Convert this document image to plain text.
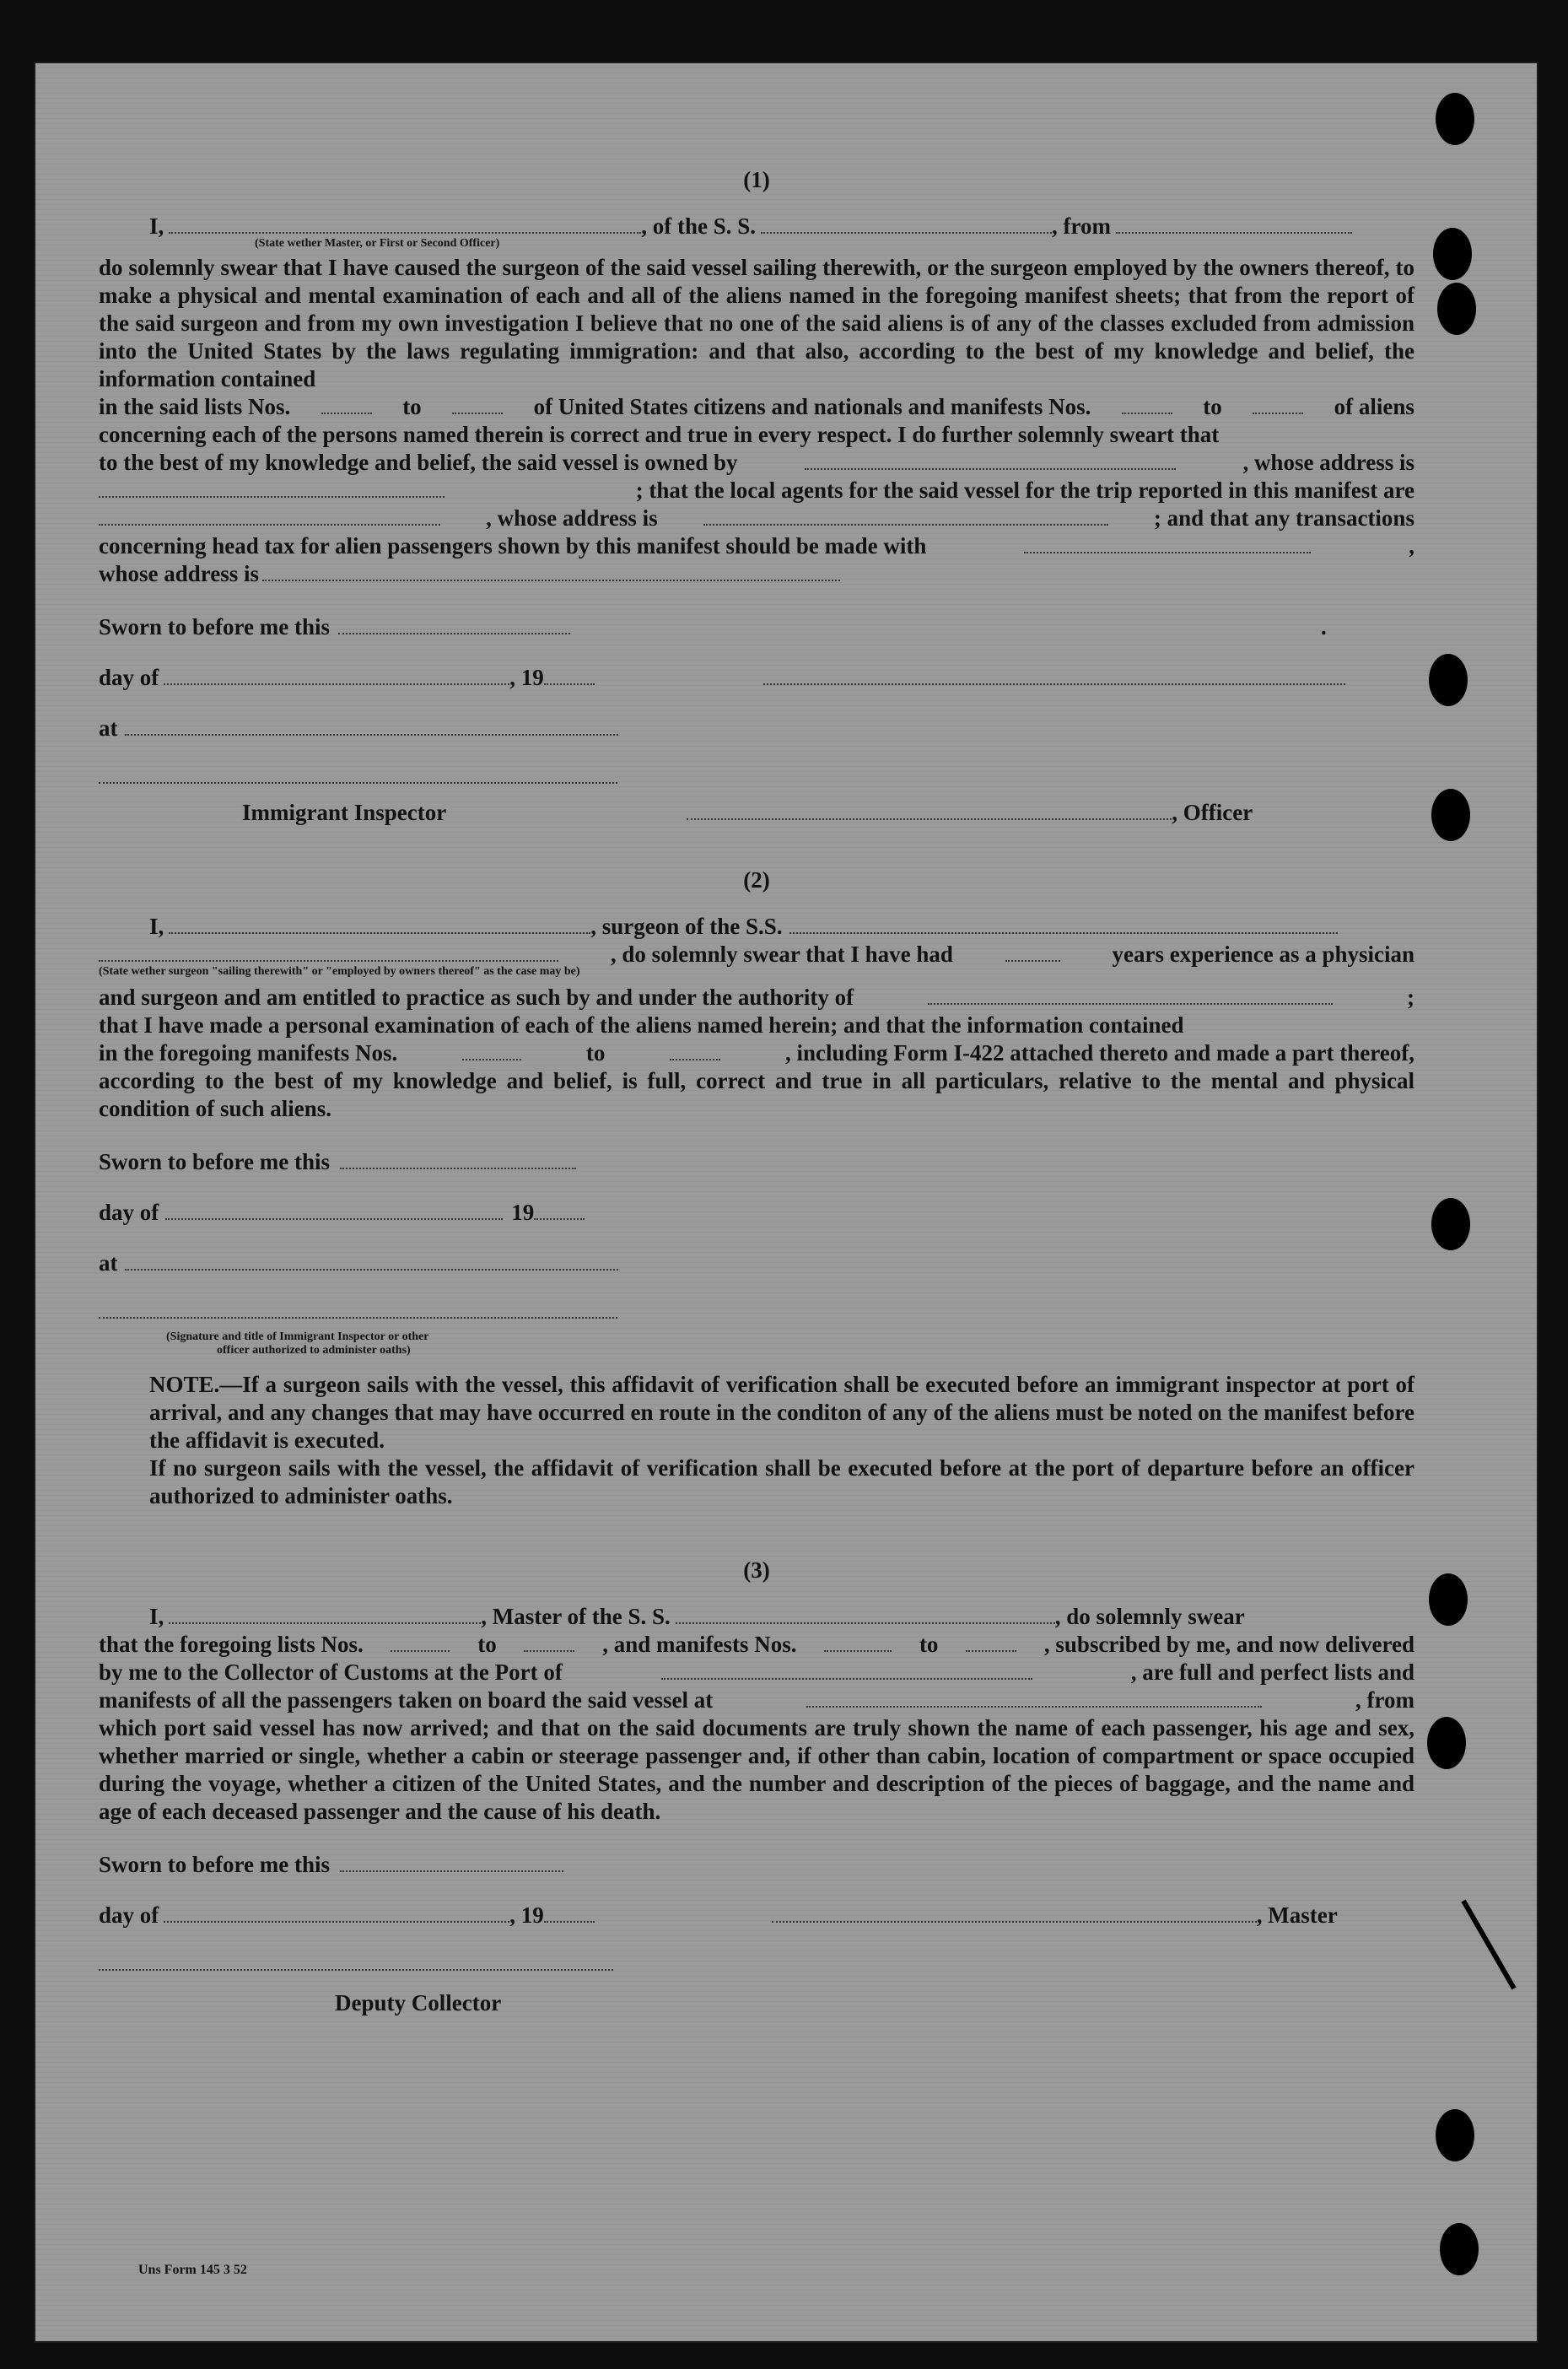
(1)
I,	, of the S. S.	, from
(State wether Master, or First or Second Officer)

do solemnly swear that I have caused the surgeon of the said vessel sailing therewith, or the surgeon employed by the owners thereof, to make a physical and mental examination of each and all of the aliens named in the foregoing manifest sheets; that from the report of the said surgeon and from my own investigation I believe that no one of the said aliens is of any of the classes excluded from admission into the United States by the laws regulating immigration: and that also, according to the best of my knowledge and belief, the information contained

in the said lists Nos.	to	of United States citizens and nationals and manifests Nos.	to	of aliens
concerning each of the persons named therein is correct and true in every respect. I do further solemnly sweart that
to the best of my knowledge and belief, the said vessel is owned by	, whose address is
; that the local agents for the said vessel for the trip reported in this manifest are
, whose address is	; and that any transactions
concerning head tax for alien passengers shown by this manifest should be made with	,
whose address is
Sworn to before me this	.
day of	, 19
at
Immigrant Inspector	, Officer
(2)
I,	, surgeon of the S.S.
, do solemnly swear that I have had	years experience as a physician
(State wether surgeon "sailing therewith" or "employed by owners thereof" as the case may be)
and surgeon and am entitled to practice as such by and under the authority of	;
that I have made a personal examination of each of the aliens named herein; and that the information contained
in the foregoing manifests Nos.	to	, including Form I-422 attached thereto and made a part thereof,

according to the best of my knowledge and belief, is full, correct and true in all particulars, relative to the mental and physical condition of such aliens.

Sworn to before me this
day of	19
at
(Signature and title of Immigrant Inspector or other
officer authorized to administer oaths)

NOTE.—If a surgeon sails with the vessel, this affidavit of verification shall be executed before an immigrant inspector at port of arrival, and any changes that may have occurred en route in the conditon of any of the aliens must be noted on the manifest before the affidavit is executed.

If no surgeon sails with the vessel, the affidavit of verification shall be executed before at the port of departure before an officer authorized to administer oaths.

(3)
I,	, Master of the S. S.	, do solemnly swear
that the foregoing lists Nos.	to	, and manifests Nos.	to	, subscribed by me, and now delivered
by me to the Collector of Customs at the Port of	, are full and perfect lists and
manifests of all the passengers taken on board the said vessel at	, from

which port said vessel has now arrived; and that on the said documents are truly shown the name of each passenger, his age and sex, whether married or single, whether a cabin or steerage passenger and, if other than cabin, location of compartment or space occupied during the voyage, whether a citizen of the United States, and the number and description of the pieces of baggage, and the name and age of each deceased passenger and the cause of his death.

Sworn to before me this
day of	, 19	, Master
Deputy Collector
Uns Form 145 3 52
